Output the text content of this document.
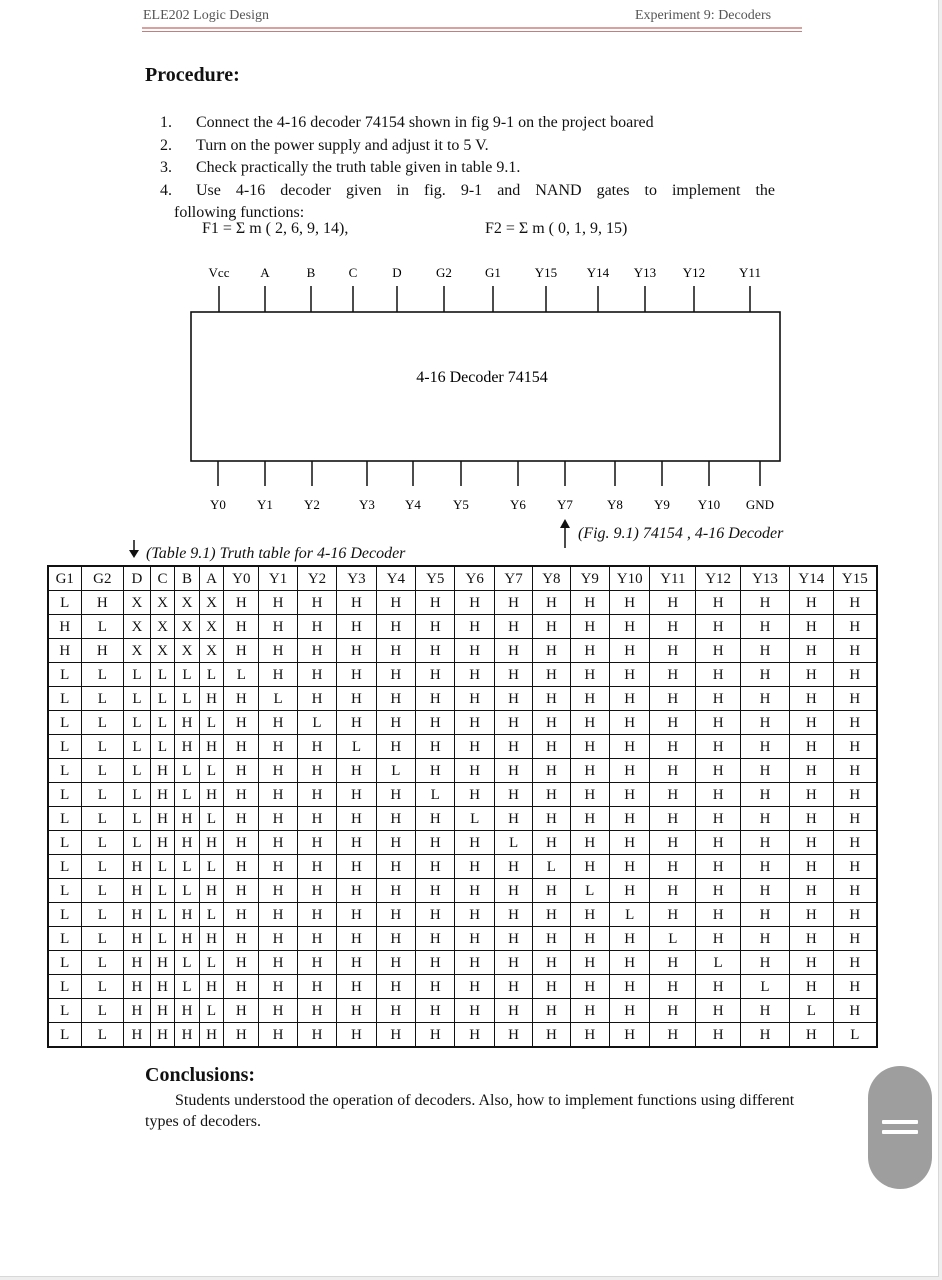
ELE202 Logic Design	Experiment 9: Decoders
Procedure:
1. Connect the 4-16 decoder 74154 shown in fig 9-1 on the project boared
2. Turn on the power supply and adjust it to 5 V.
3. Check practically the truth table given in table 9.1.
4. Use 4-16 decoder given in fig. 9-1 and NAND gates to implement the
following functions:
F1 = Σ m ( 2, 6, 9, 14),	F2 = Σ m ( 0, 1, 9, 15)
4-16 Decoder 74154
Vcc A	B	C	D	G2	G1	Y15 Y14 Y13 Y12	Y11
Y0 Y1 Y2	Y3 Y4 Y5	Y6 Y7	Y8 Y9 Y10 GND
(Fig. 9.1) 74154 , 4-16 Decoder
(Table 9.1) Truth table for 4-16 Decoder
G1	G2	D	C	B	A	Y0	Y1	Y2	Y3	Y4	Y5	Y6	Y7	Y8	Y9	Y10	Y11	Y12	Y13	Y14	Y15
L	H	X	X	X	X	H	H	H	H	H	H	H	H	H	H	H	H	H	H	H	H
H	L	X	X	X	X	H	H	H	H	H	H	H	H	H	H	H	H	H	H	H	H
H	H	X	X	X	X	H	H	H	H	H	H	H	H	H	H	H	H	H	H	H	H
L	L	L	L	L	L	L	H	H	H	H	H	H	H	H	H	H	H	H	H	H	H
L	L	L	L	L	H	H	L	H	H	H	H	H	H	H	H	H	H	H	H	H	H
L	L	L	L	H	L	H	H	L	H	H	H	H	H	H	H	H	H	H	H	H	H
L	L	L	L	H	H	H	H	H	L	H	H	H	H	H	H	H	H	H	H	H	H
L	L	L	H	L	L	H	H	H	H	L	H	H	H	H	H	H	H	H	H	H	H
L	L	L	H	L	H	H	H	H	H	H	L	H	H	H	H	H	H	H	H	H	H
L	L	L	H	H	L	H	H	H	H	H	H	L	H	H	H	H	H	H	H	H	H
L	L	L	H	H	H	H	H	H	H	H	H	H	L	H	H	H	H	H	H	H	H
L	L	H	L	L	L	H	H	H	H	H	H	H	H	L	H	H	H	H	H	H	H
L	L	H	L	L	H	H	H	H	H	H	H	H	H	H	L	H	H	H	H	H	H
L	L	H	L	H	L	H	H	H	H	H	H	H	H	H	H	L	H	H	H	H	H
L	L	H	L	H	H	H	H	H	H	H	H	H	H	H	H	H	L	H	H	H	H
L	L	H	H	L	L	H	H	H	H	H	H	H	H	H	H	H	H	L	H	H	H
L	L	H	H	L	H	H	H	H	H	H	H	H	H	H	H	H	H	H	L	H	H
L	L	H	H	H	L	H	H	H	H	H	H	H	H	H	H	H	H	H	H	L	H
L	L	H	H	H	H	H	H	H	H	H	H	H	H	H	H	H	H	H	H	H	L
Conclusions:

Students understood the operation of decoders. Also, how to implement functions using different types of decoders.
